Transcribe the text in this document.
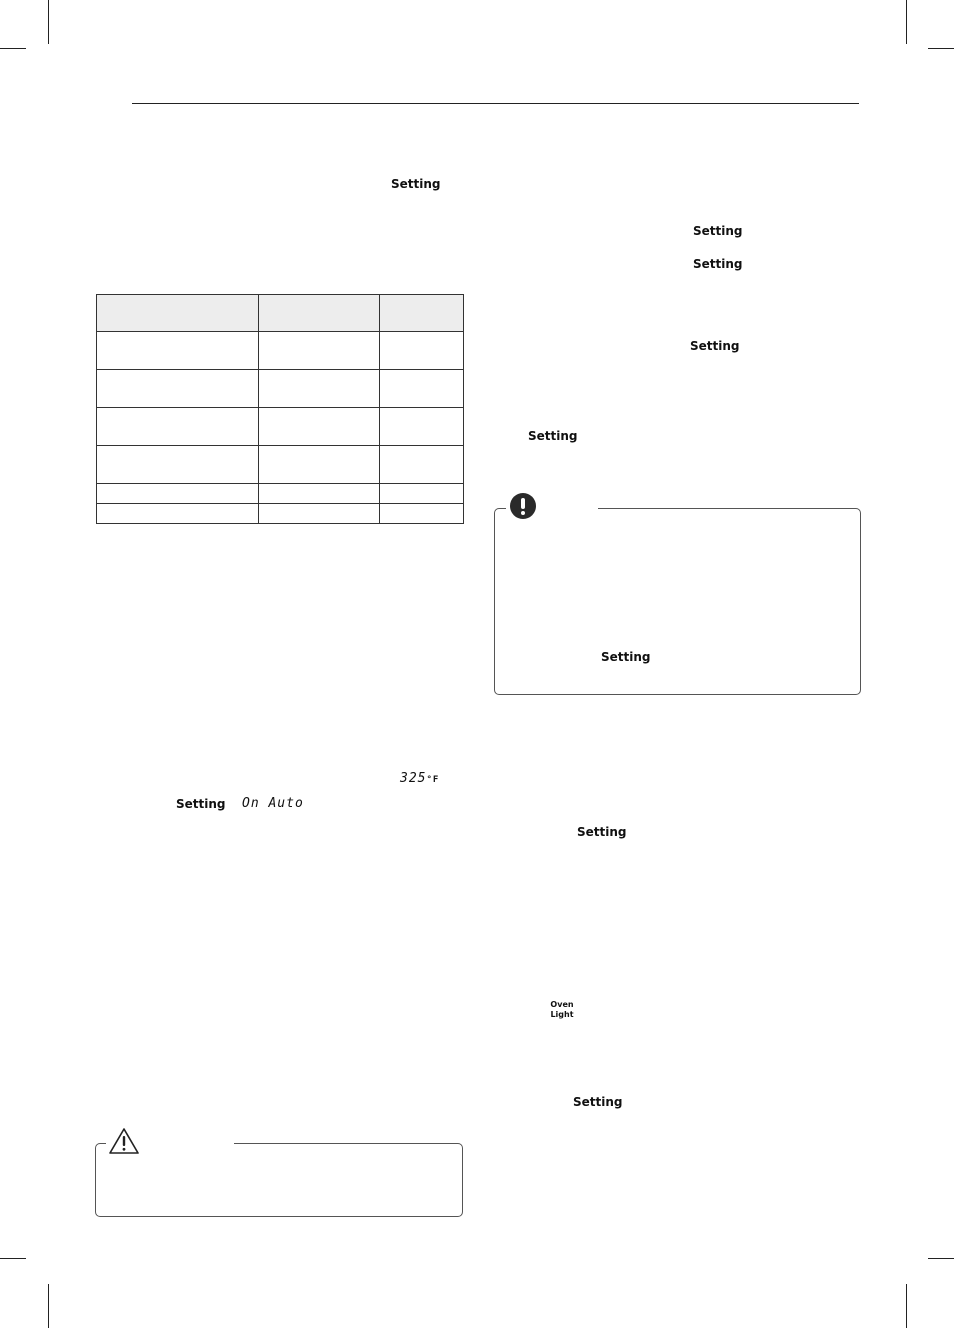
Setting

325°F
Setting On Auto
Setting
Setting
Setting
Setting
Setting
Setting
Oven
Light
Setting
